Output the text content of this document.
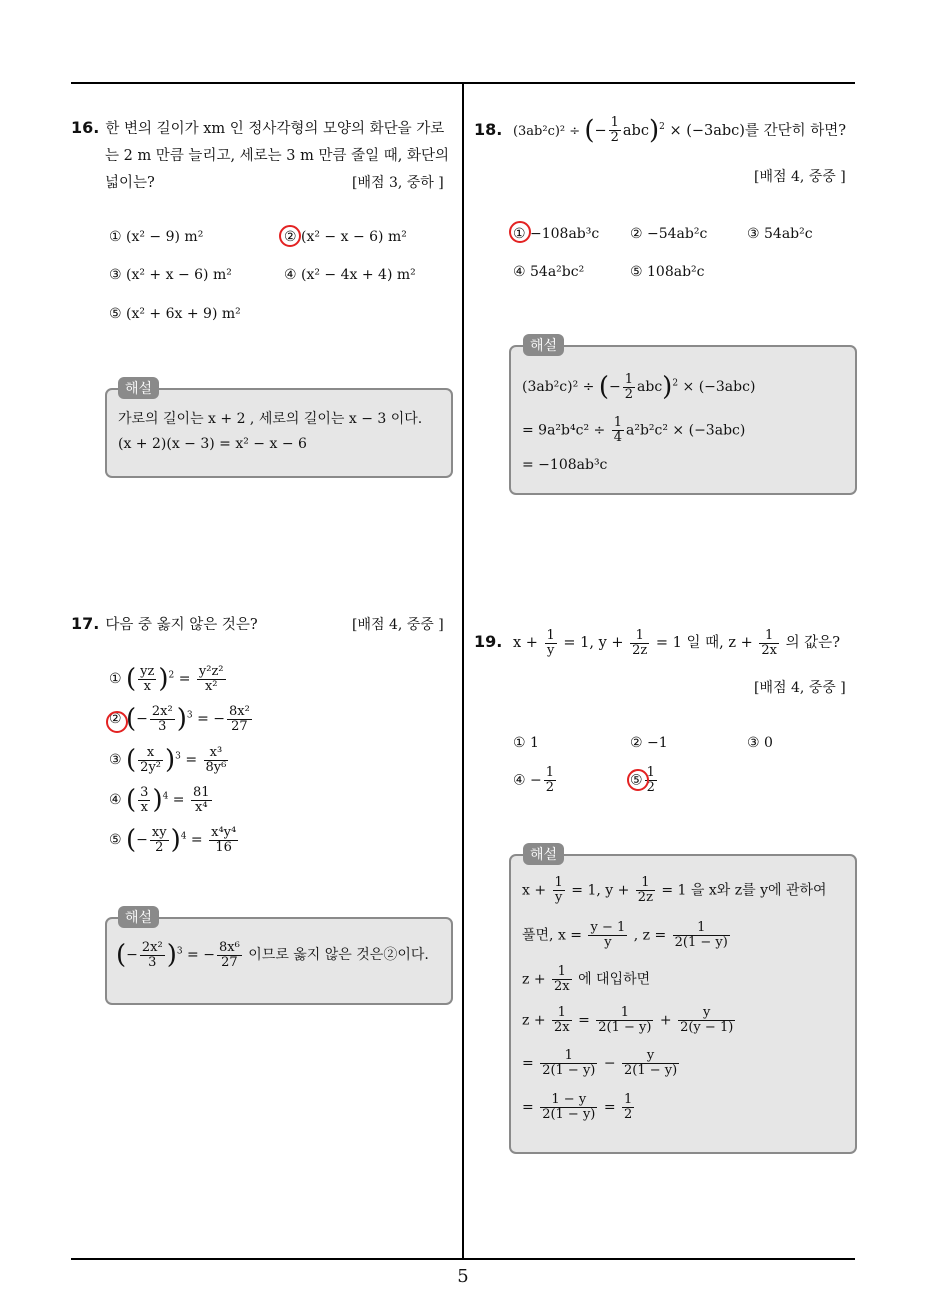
16. 한 변의 길이가 xm 인 정사각형의 모양의 화단을 가로
는 2 m 만큼 늘리고, 세로는 3 m 만큼 줄일 때, 화단의
넓이는?	[배점 3, 중하 ]
① (x² − 9) m²	② (x² − x − 6) m²
③ (x² + x − 6) m²	④ (x² − 4x + 4) m²
⑤ (x² + 6x + 9) m²
해설
가로의 길이는 x + 2 , 세로의 길이는 x − 3 이다.
(x + 2)(x − 3) = x² − x − 6
17. 다음 중 옳지 않은 것은?	[배점 4, 중중 ]
① ( $\frac{yz}{x} )^2 = \frac{\text{y²z²}}{\text{x²}}$
② (− $\frac{\text{2x²}}{3} )^3$ = − $\frac{\text{8x²}}{27}$
③ ( $\frac{x}{\text{2y²}} )^3 = \frac{\text{x³}}{\text{8y⁶}}$
④ ( $\frac{3}{x} )^4 = \frac{81}{\text{x⁴}}$
⑤ (− $\frac{xy}{2} )^4 = \frac{\text{x⁴y⁴}}{16}$
해설
(− $\frac{\text{2x²}}{3} )^3$ = − $\frac{\text{8x⁶}}{27}$ 이므로 옳지 않은 것은②이다.
18. (3ab²c)² ÷ (− $\frac{1}{2} abc)^2 \times (-3abc)$를 간단히 하면?
[배점 4, 중중 ]
① −108ab³c ② −54ab²c	③ 54ab²c
④ 54a²bc²	⑤ 108ab²c
해설
(3ab²c)² ÷ (− $\frac{1}{2} abc)^2 \times (-3abc)$
= $9a^2b^4c^2 \div \frac{1}{4} a^2b^2c^2 \times (-3abc)$
= −108ab³c
19. $x + \frac{1}{y} = 1$, $y + \frac{1}{2z} = 1$ 일 때, $z + \frac{1}{2x}$ 의 값은?
[배점 4, 중중 ]
① 1	② −1	③ 0
④ − $\frac{1}{2}$	⑤ $\frac{1}{2}$
해설
$x + \frac{1}{y} = 1$, $y + \frac{1}{2z} = 1$ 을 x와 z를 y에 관하여
풀면, $x = \frac{y - 1}{y}$ , $z = \frac{1}{2(1 - y)}$
$z + \frac{1}{2x}$ 에 대입하면
$z + \frac{1}{2x} = \frac{1}{2(1 - y)} + \frac{y}{2(y - 1)}$
= $\frac{1}{2(1 - y)} - \frac{y}{2(1 - y)}$
= $\frac{1 - y}{2(1 - y)} = \frac{1}{2}$
5
